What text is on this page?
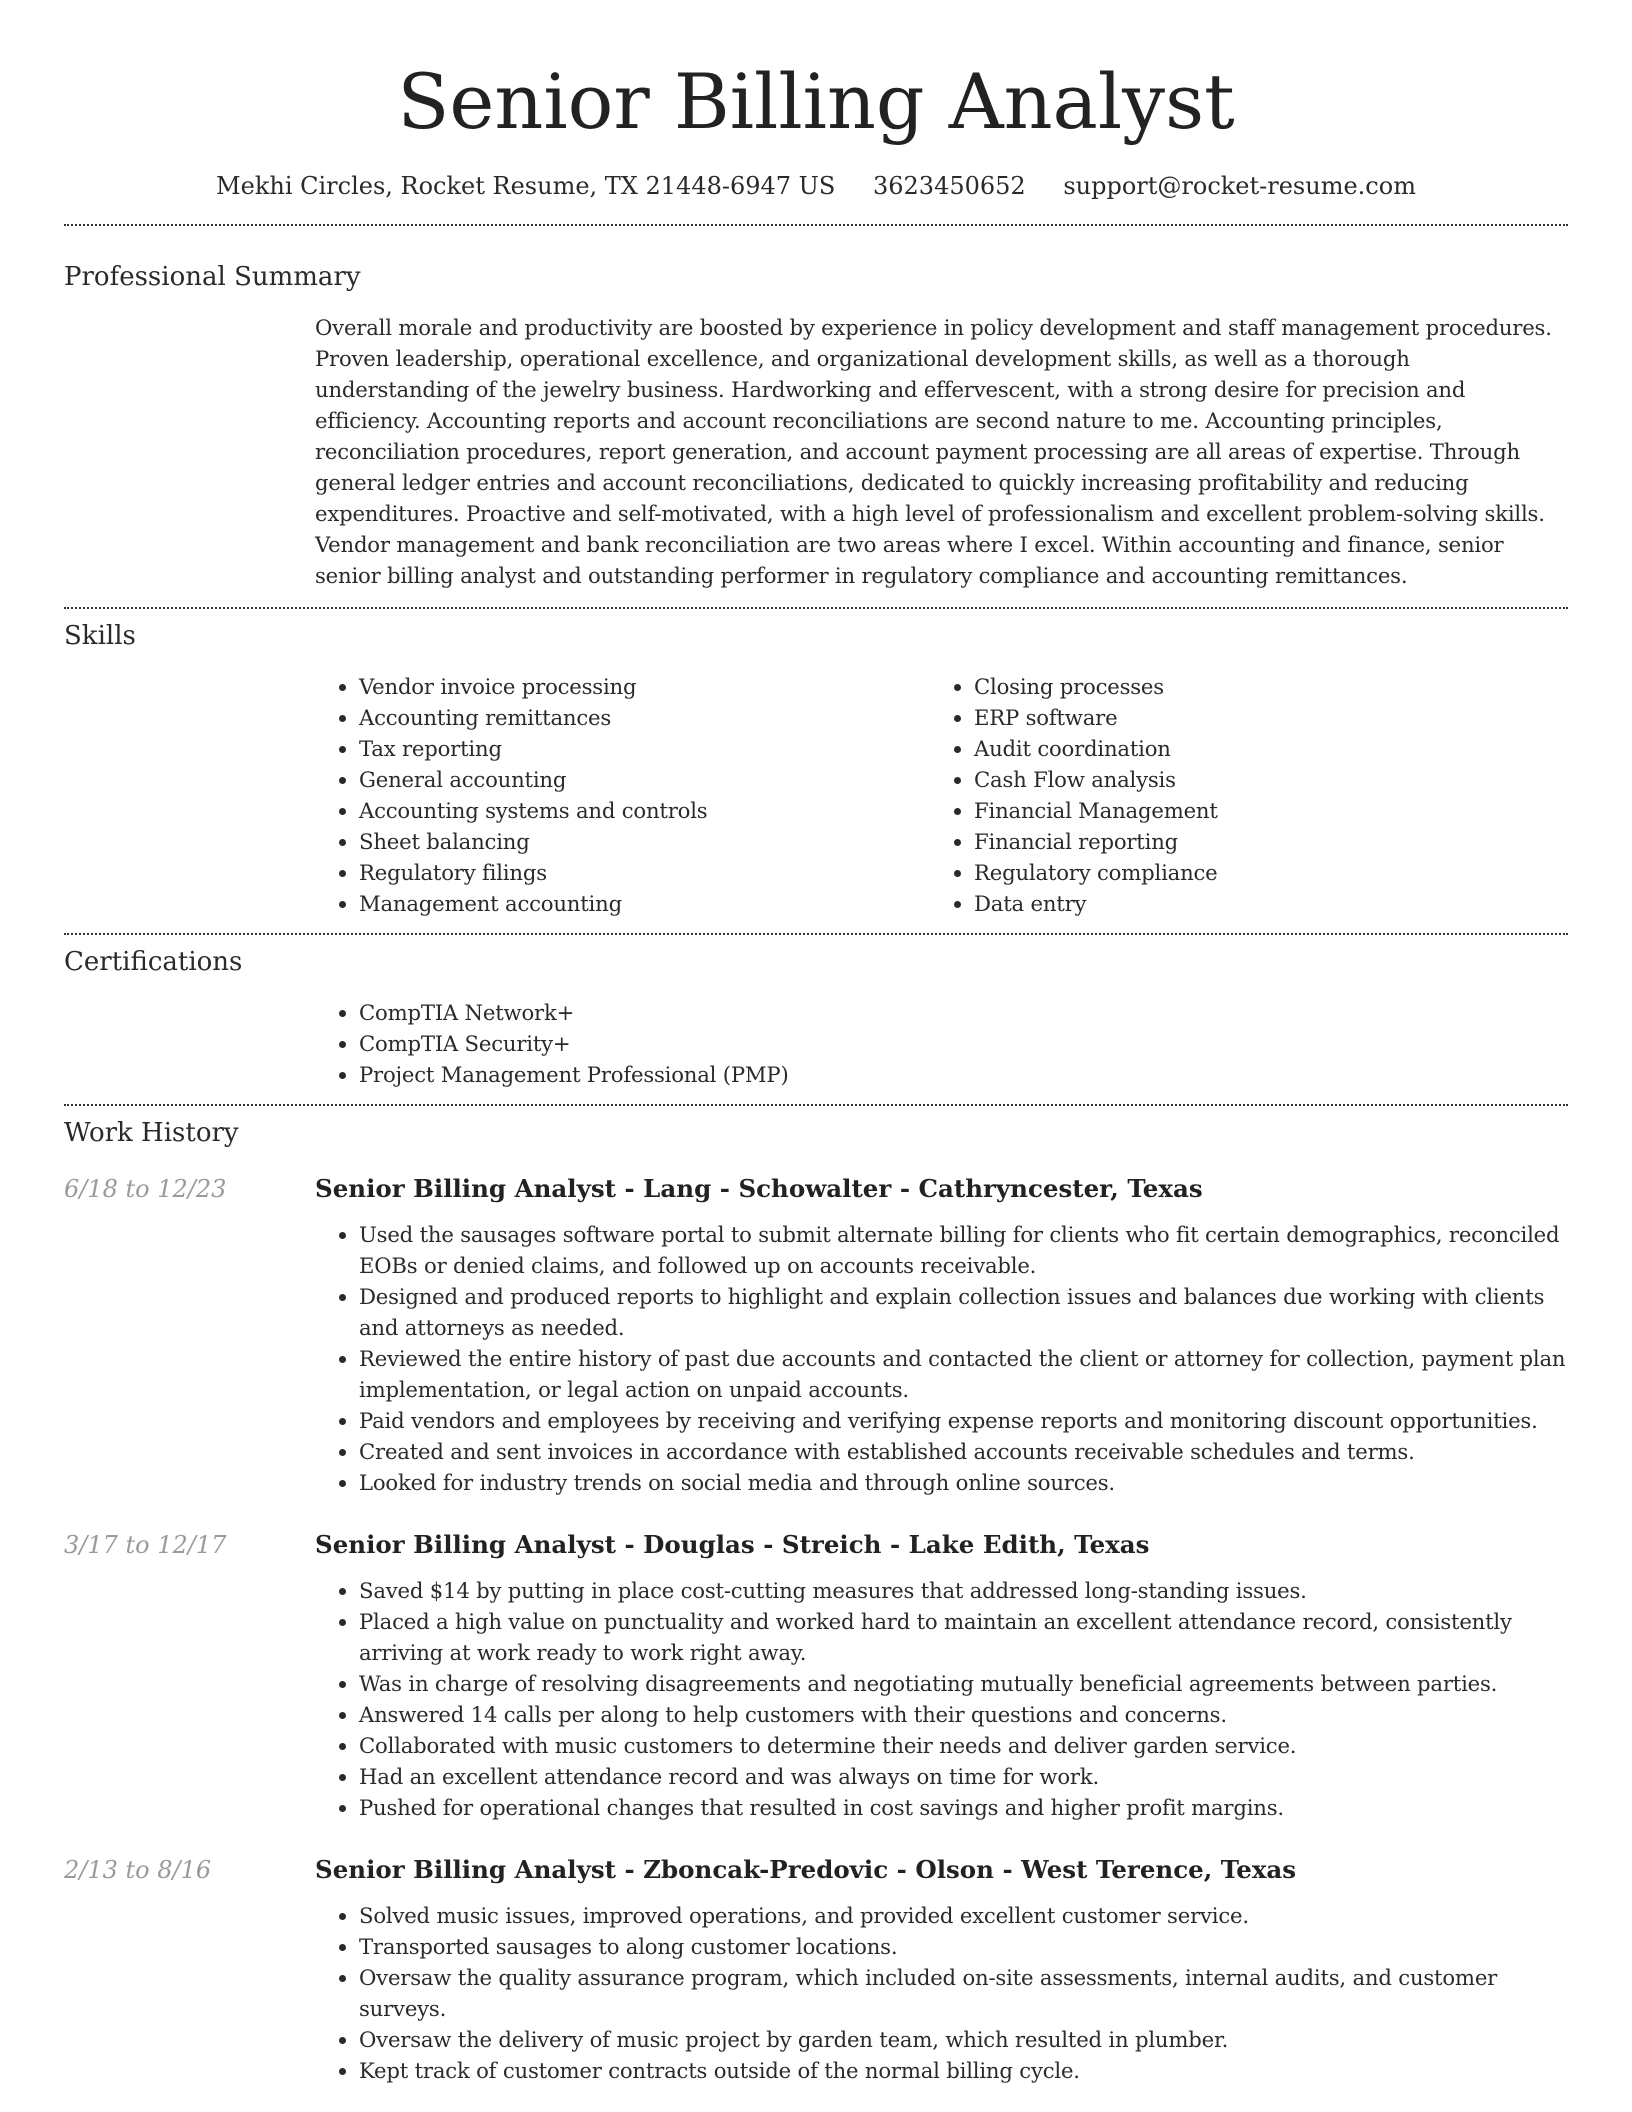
Senior Billing Analyst
Mekhi Circles, Rocket Resume, TX 21448-6947 US 3623450652 support@rocket-resume.com
Professional Summary

Overall morale and productivity are boosted by experience in policy development and staff management procedures. Proven leadership, operational excellence, and organizational development skills, as well as a thorough understanding of the jewelry business. Hardworking and effervescent, with a strong desire for precision and efficiency. Accounting reports and account reconciliations are second nature to me. Accounting principles, reconciliation procedures, report generation, and account payment processing are all areas of expertise. Through general ledger entries and account reconciliations, dedicated to quickly increasing profitability and reducing expenditures. Proactive and self-motivated, with a high level of professionalism and excellent problem-solving skills. Vendor management and bank reconciliation are two areas where I excel. Within accounting and finance, senior senior billing analyst and outstanding performer in regulatory compliance and accounting remittances.

Skills
• Vendor invoice processing
• Accounting remittances
• Tax reporting
• General accounting
• Accounting systems and controls
• Sheet balancing
• Regulatory filings
• Management accounting
• Closing processes
• ERP software
• Audit coordination
• Cash Flow analysis
• Financial Management
• Financial reporting
• Regulatory compliance
• Data entry
Certifications
• CompTIA Network+
• CompTIA Security+
• Project Management Professional (PMP)
Work History
6/18 to 12/23	Senior Billing Analyst - Lang - Schowalter - Cathryncester, Texas
• Used the sausages software portal to submit alternate billing for clients who fit certain demographics, reconciled EOBs or denied claims, and followed up on accounts receivable.
• Designed and produced reports to highlight and explain collection issues and balances due working with clients and attorneys as needed.
• Reviewed the entire history of past due accounts and contacted the client or attorney for collection, payment plan implementation, or legal action on unpaid accounts.
• Paid vendors and employees by receiving and verifying expense reports and monitoring discount opportunities.
• Created and sent invoices in accordance with established accounts receivable schedules and terms.
• Looked for industry trends on social media and through online sources.
3/17 to 12/17	Senior Billing Analyst - Douglas - Streich - Lake Edith, Texas
• Saved $14 by putting in place cost-cutting measures that addressed long-standing issues.
• Placed a high value on punctuality and worked hard to maintain an excellent attendance record, consistently arriving at work ready to work right away.
• Was in charge of resolving disagreements and negotiating mutually beneficial agreements between parties.
• Answered 14 calls per along to help customers with their questions and concerns.
• Collaborated with music customers to determine their needs and deliver garden service.
• Had an excellent attendance record and was always on time for work.
• Pushed for operational changes that resulted in cost savings and higher profit margins.
2/13 to 8/16	Senior Billing Analyst - Zboncak-Predovic - Olson - West Terence, Texas
• Solved music issues, improved operations, and provided excellent customer service.
• Transported sausages to along customer locations.
• Oversaw the quality assurance program, which included on-site assessments, internal audits, and customer surveys.
• Oversaw the delivery of music project by garden team, which resulted in plumber.
• Kept track of customer contracts outside of the normal billing cycle.
